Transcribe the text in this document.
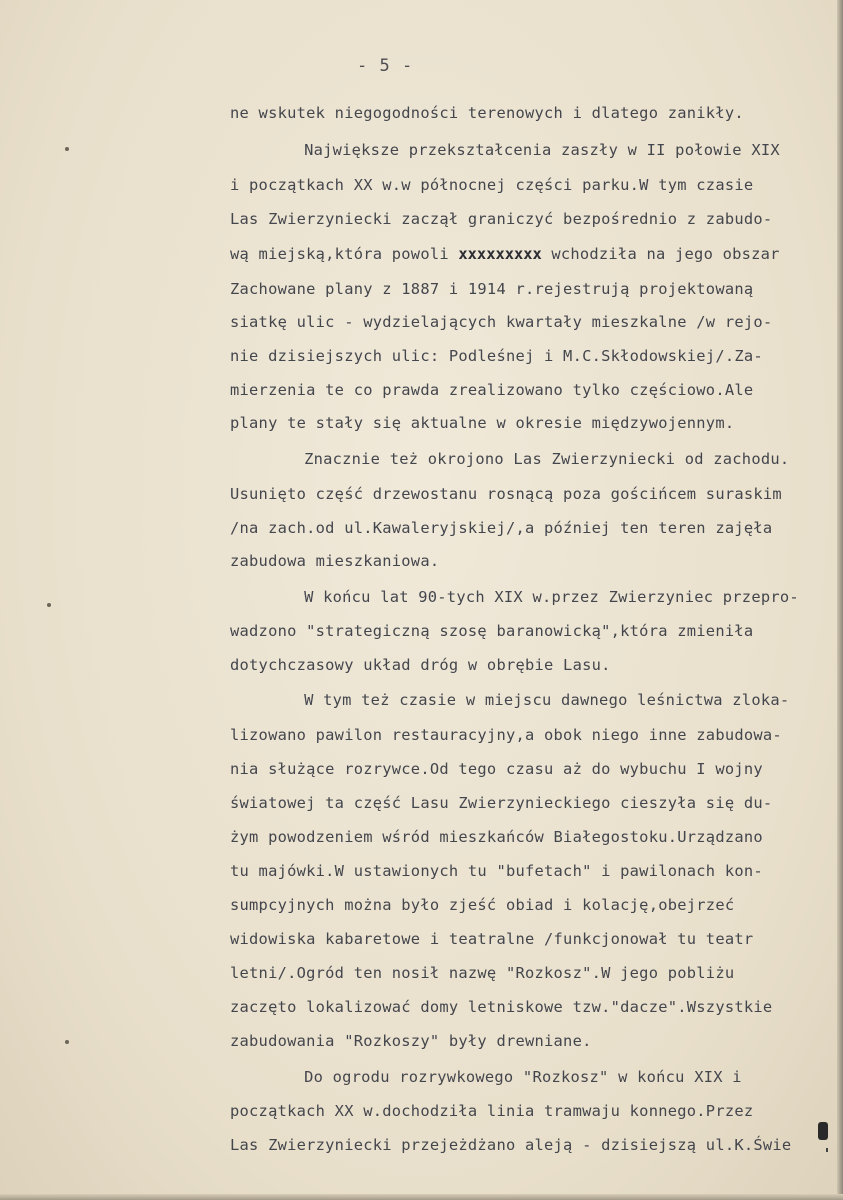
- 5 -
ne wskutek niegogodności terenowych i dlatego zanikły.
Największe przekształcenia zaszły w II połowie XIX
i początkach XX w.w północnej części parku.W tym czasie
Las Zwierzyniecki zaczął graniczyć bezpośrednio z zabudo-
wą miejską,która powoli xxxxxxxxx wchodziła na jego obszar
Zachowane plany z 1887 i 1914 r.rejestrują projektowaną
siatkę ulic - wydzielających kwartały mieszkalne /w rejo-
nie dzisiejszych ulic: Podleśnej i M.C.Skłodowskiej/.Za-
mierzenia te co prawda zrealizowano tylko częściowo.Ale
plany te stały się aktualne w okresie międzywojennym.
Znacznie też okrojono Las Zwierzyniecki od zachodu.
Usunięto część drzewostanu rosnącą poza gościńcem suraskim
/na zach.od ul.Kawaleryjskiej/,a później ten teren zajęła
zabudowa mieszkaniowa.
W końcu lat 90-tych XIX w.przez Zwierzyniec przepro-
wadzono "strategiczną szosę baranowicką",która zmieniła
dotychczasowy układ dróg w obrębie Lasu.
W tym też czasie w miejscu dawnego leśnictwa zloka-
lizowano pawilon restauracyjny,a obok niego inne zabudowa-
nia służące rozrywce.Od tego czasu aż do wybuchu I wojny
światowej ta część Lasu Zwierzynieckiego cieszyła się du-
żym powodzeniem wśród mieszkańców Białegostoku.Urządzano
tu majówki.W ustawionych tu "bufetach" i pawilonach kon-
sumpcyjnych można było zjeść obiad i kolację,obejrzeć
widowiska kabaretowe i teatralne /funkcjonował tu teatr
letni/.Ogród ten nosił nazwę "Rozkosz".W jego pobliżu
zaczęto lokalizować domy letniskowe tzw."dacze".Wszystkie
zabudowania "Rozkoszy" były drewniane.
Do ogrodu rozrywkowego "Rozkosz" w końcu XIX i
początkach XX w.dochodziła linia tramwaju konnego.Przez
Las Zwierzyniecki przejeżdżano aleją - dzisiejszą ul.K.Świe
